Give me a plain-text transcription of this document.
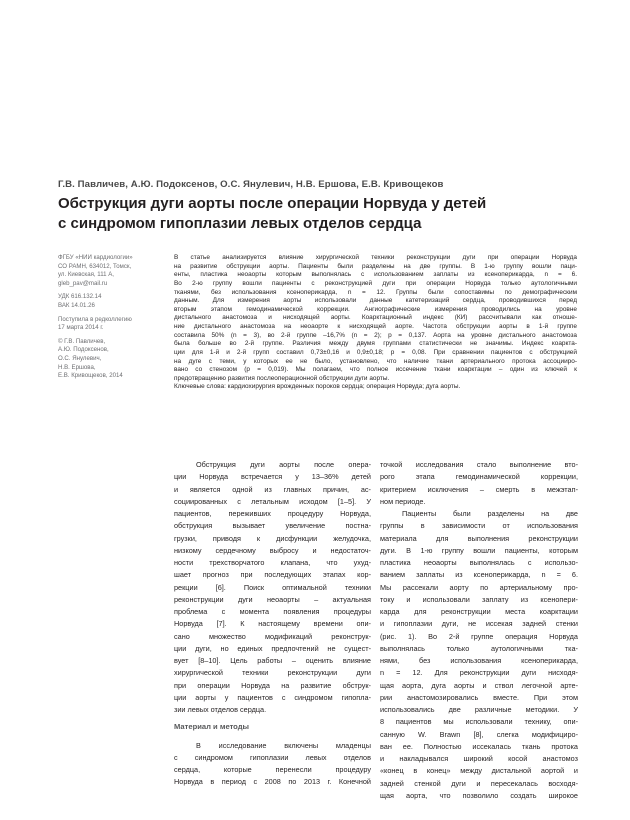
Г.В. Павличев, А.Ю. Подоксенов, О.С. Янулевич, Н.В. Ершова, Е.В. Кривощеков
Обструкция дуги аорты после операции Норвуда у детей
с синдромом гипоплазии левых отделов сердца
ФГБУ «НИИ кардиологии»
СО РАМН, 634012, Томск,
ул. Киевская, 111 А,
gleb_pav@mail.ru
УДК 616.132.14
ВАК 14.01.26
Поступила в редколлегию
17 марта 2014 г.
© Г.В. Павличев,
А.Ю. Подоксенов,
О.С. Янулевич,
Н.В. Ершова,
Е.В. Кривощеков, 2014
В статье анализируется влияние хирургической техники реконструкции дуги при операции Норвуда
на развитие обструкции аорты. Пациенты были разделены на две группы. В 1-ю группу вошли паци-
енты, пластика неоаорты которым выполнялась с использованием заплаты из ксеноперикарда, n = 6.
Во 2-ю группу вошли пациенты с реконструкцией дуги при операции Норвуда только аутологичными
тканями, без использования ксеноперикарда, n = 12. Группы были сопоставимы по демографическим
данным. Для измерения аорты использовали данные катетеризаций сердца, проводившихся перед
вторым этапом гемодинамической коррекции. Ангиографические измерения проводились на уровне
дистального анастомоза и нисходящей аорты. Коарктационный индекс (КИ) рассчитывали как отноше-
ние дистального анастомоза на неоаорте к нисходящей аорте. Частота обструкции аорты в 1-й группе
составила 50% (n = 3), во 2-й группе –16,7% (n = 2); p = 0,137. Аорта на уровне дистального анастомоза
была больше во 2-й группе. Различия между двумя группами статистически не значимы. Индекс коаркта-
ции для 1-й и 2-й групп составил 0,73±0,16 и 0,9±0,18; p = 0,08. При сравнении пациентов с обструкцией
на дуге с теми, у которых ее не было, установлено, что наличие ткани артериального протока ассоцииро-
вано со стенозом (p = 0,019). Мы полагаем, что полное иссечение ткани коарктации – один из ключей к
предотвращению развития послеоперационной обструкции дуги аорты.
Ключевые слова: кардиохирургия врожденных пороков сердца; операция Норвуда; дуга аорты.
Обструкция дуги аорты после опера-
ции Норвуда встречается у 13–36% детей
и является одной из главных причин, ас-
социированных с летальным исходом [1–5]. У
пациентов, переживших процедуру Норвуда,
обструкция вызывает увеличение постна-
грузки, приводя к дисфункции желудочка,
низкому сердечному выбросу и недостаточ-
ности трехстворчатого клапана, что ухуд-
шает прогноз при последующих этапах кор-
рекции [6]. Поиск оптимальной техники
реконструкции дуги неоаорты – актуальная
проблема с момента появления процедуры
Норвуда [7]. К настоящему времени опи-
сано множество модификаций реконструк-
ции дуги, но единых предпочтений не сущест-
вует [8–10]. Цель работы – оценить влияние
хирургической техники реконструкции дуги
при операции Норвуда на развитие обструк-
ции аорты у пациентов с синдромом гипопла-
зии левых отделов сердца.
Материал и методы
В исследование включены младенцы
с синдромом гипоплазии левых отделов
сердца, которые перенесли процедуру
Норвуда в период с 2008 по 2013 г. Конечной
точкой исследования стало выполнение вто-
рого этапа гемодинамической коррекции,
критерием исключения – смерть в межэтап-
ном периоде.
Пациенты были разделены на две
группы в зависимости от использования
материала для выполнения реконструкции
дуги. В 1-ю группу вошли пациенты, которым
пластика неоаорты выполнялась с использо-
ванием заплаты из ксеноперикарда, n = 6.
Мы рассекали аорту по артериальному про-
току и использовали заплату из ксенопери-
карда для реконструкции места коарктации
и гипоплазии дуги, не иссекая задней стенки
(рис. 1). Во 2-й группе операция Норвуда
выполнялась только аутологичными тка-
нями, без использования ксеноперикарда,
n = 12. Для реконструкции дуги нисходя-
щая аорта, дуга аорты и ствол легочной арте-
рии анастомозировались вместе. При этом
использовались две различные методики. У
8 пациентов мы использовали технику, опи-
санную W. Brawn [8], слегка модифициро-
ван ее. Полностью иссекалась ткань протока
и накладывался широкий косой анастомоз
«конец в конец» между дистальной аортой и
задней стенкой дуги и пересекалась восходя-
щая аорта, что позволило создать широкое
